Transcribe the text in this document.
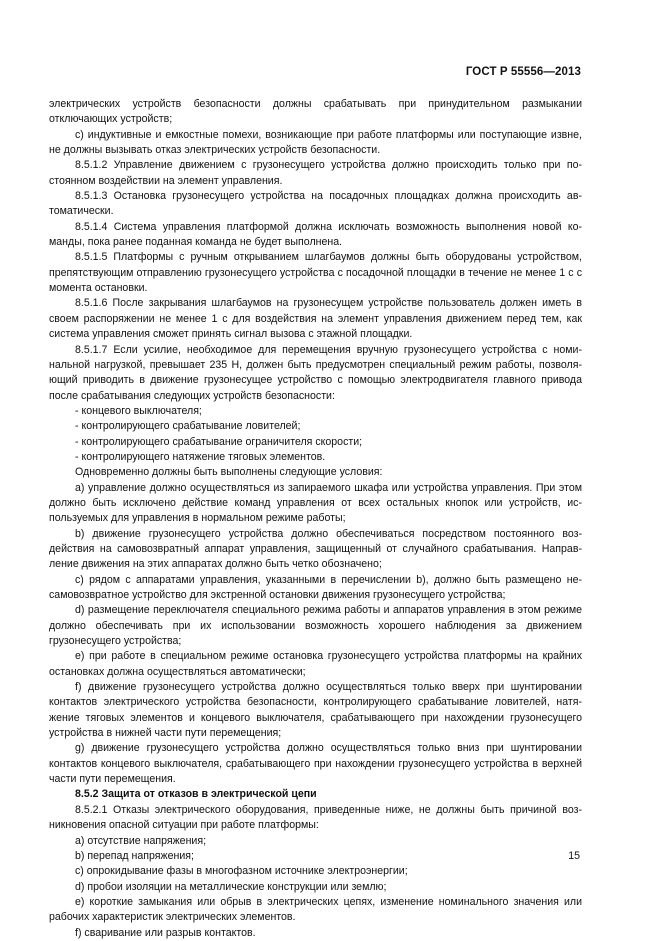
ГОСТ Р 55556—2013

электрических устройств безопасности должны срабатывать при принудительном размыкании отключающих устройств;

c) индуктивные и емкостные помехи, возникающие при работе платформы или поступающие извне, не должны вызывать отказ электрических устройств безопасности.

8.5.1.2 Управление движением с грузонесущего устройства должно происходить только при постоянном воздействии на элемент управления.

8.5.1.3 Остановка грузонесущего устройства на посадочных площадках должна происходить автоматически.

8.5.1.4 Система управления платформой должна исключать возможность выполнения новой команды, пока ранее поданная команда не будет выполнена.

8.5.1.5 Платформы с ручным открыванием шлагбаумов должны быть оборудованы устройством, препятствующим отправлению грузонесущего устройства с посадочной площадки в течение не менее 1 с с момента остановки.

8.5.1.6 После закрывания шлагбаумов на грузонесущем устройстве пользователь должен иметь в своем распоряжении не менее 1 с для воздействия на элемент управления движением перед тем, как система управления сможет принять сигнал вызова с этажной площадки.

8.5.1.7 Если усилие, необходимое для перемещения вручную грузонесущего устройства с номинальной нагрузкой, превышает 235 Н, должен быть предусмотрен специальный режим работы, позволяющий приводить в движение грузонесущее устройство с помощью электродвигателя главного привода после срабатывания следующих устройств безопасности:

- концевого выключателя;

- контролирующего срабатывание ловителей;

- контролирующего срабатывание ограничителя скорости;

- контролирующего натяжение тяговых элементов.

Одновременно должны быть выполнены следующие условия:

a) управление должно осуществляться из запираемого шкафа или устройства управления. При этом должно быть исключено действие команд управления от всех остальных кнопок или устройств, используемых для управления в нормальном режиме работы;

b) движение грузонесущего устройства должно обеспечиваться посредством постоянного воздействия на самовозвратный аппарат управления, защищенный от случайного срабатывания. Направление движения на этих аппаратах должно быть четко обозначено;

c) рядом с аппаратами управления, указанными в перечислении b), должно быть размещено несамовозвратное устройство для экстренной остановки движения грузонесущего устройства;

d) размещение переключателя специального режима работы и аппаратов управления в этом режиме должно обеспечивать при их использовании возможность хорошего наблюдения за движением грузонесущего устройства;

e) при работе в специальном режиме остановка грузонесущего устройства платформы на крайних остановках должна осуществляться автоматически;

f) движение грузонесущего устройства должно осуществляться только вверх при шунтировании контактов электрического устройства безопасности, контролирующего срабатывание ловителей, натяжение тяговых элементов и концевого выключателя, срабатывающего при нахождении грузонесущего устройства в нижней части пути перемещения;

g) движение грузонесущего устройства должно осуществляться только вниз при шунтировании контактов концевого выключателя, срабатывающего при нахождении грузонесущего устройства в верхней части пути перемещения.

8.5.2 Защита от отказов в электрической цепи

8.5.2.1 Отказы электрического оборудования, приведенные ниже, не должны быть причиной возникновения опасной ситуации при работе платформы:

a) отсутствие напряжения;

b) перепад напряжения;

c) опрокидывание фазы в многофазном источнике электроэнергии;

d) пробои изоляции на металлические конструкции или землю;

e) короткие замыкания или обрыв в электрических цепях, изменение номинального значения или рабочих характеристик электрических элементов.

f) сваривание или разрыв контактов.

15
